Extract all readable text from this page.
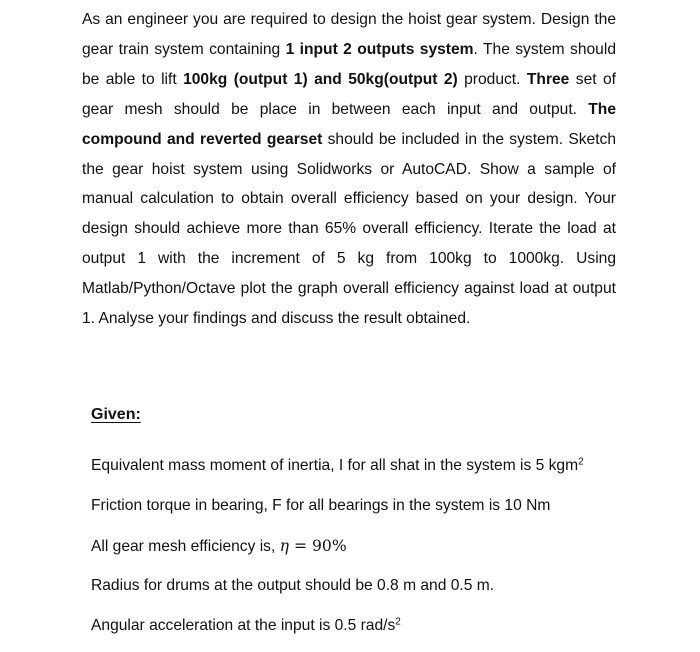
As an engineer you are required to design the hoist gear system. Design the gear train system containing 1 input 2 outputs system. The system should be able to lift 100kg (output 1) and 50kg(output 2) product. Three set of gear mesh should be place in between each input and output. The compound and reverted gearset should be included in the system. Sketch the gear hoist system using Solidworks or AutoCAD. Show a sample of manual calculation to obtain overall efficiency based on your design. Your design should achieve more than 65% overall efficiency. Iterate the load at output 1 with the increment of 5 kg from 100kg to 1000kg. Using Matlab/Python/Octave plot the graph overall efficiency against load at output 1. Analyse your findings and discuss the result obtained.

Given:
Equivalent mass moment of inertia, I for all shat in the system is 5 kgm$^2$
Friction torque in bearing, F for all bearings in the system is 10 Nm
All gear mesh efficiency is, η = 90%
Radius for drums at the output should be 0.8 m and 0.5 m.
Angular acceleration at the input is 0.5 rad/$s^2$
